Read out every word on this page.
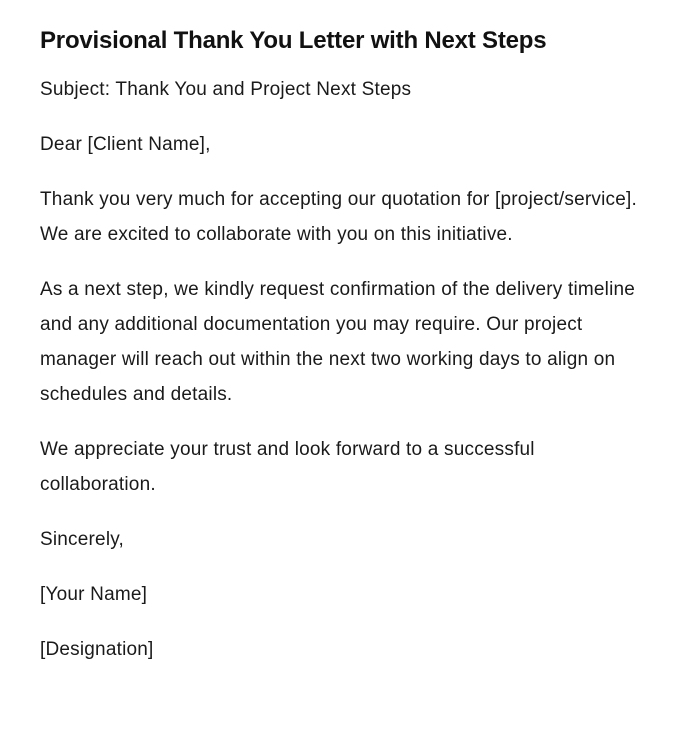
Provisional Thank You Letter with Next Steps

Subject: Thank You and Project Next Steps

Dear [Client Name],

Thank you very much for accepting our quotation for [project/service]. We are excited to collaborate with you on this initiative.

As a next step, we kindly request confirmation of the delivery timeline and any additional documentation you may require. Our project manager will reach out within the next two working days to align on schedules and details.

We appreciate your trust and look forward to a successful collaboration.

Sincerely,

[Your Name]

[Designation]
